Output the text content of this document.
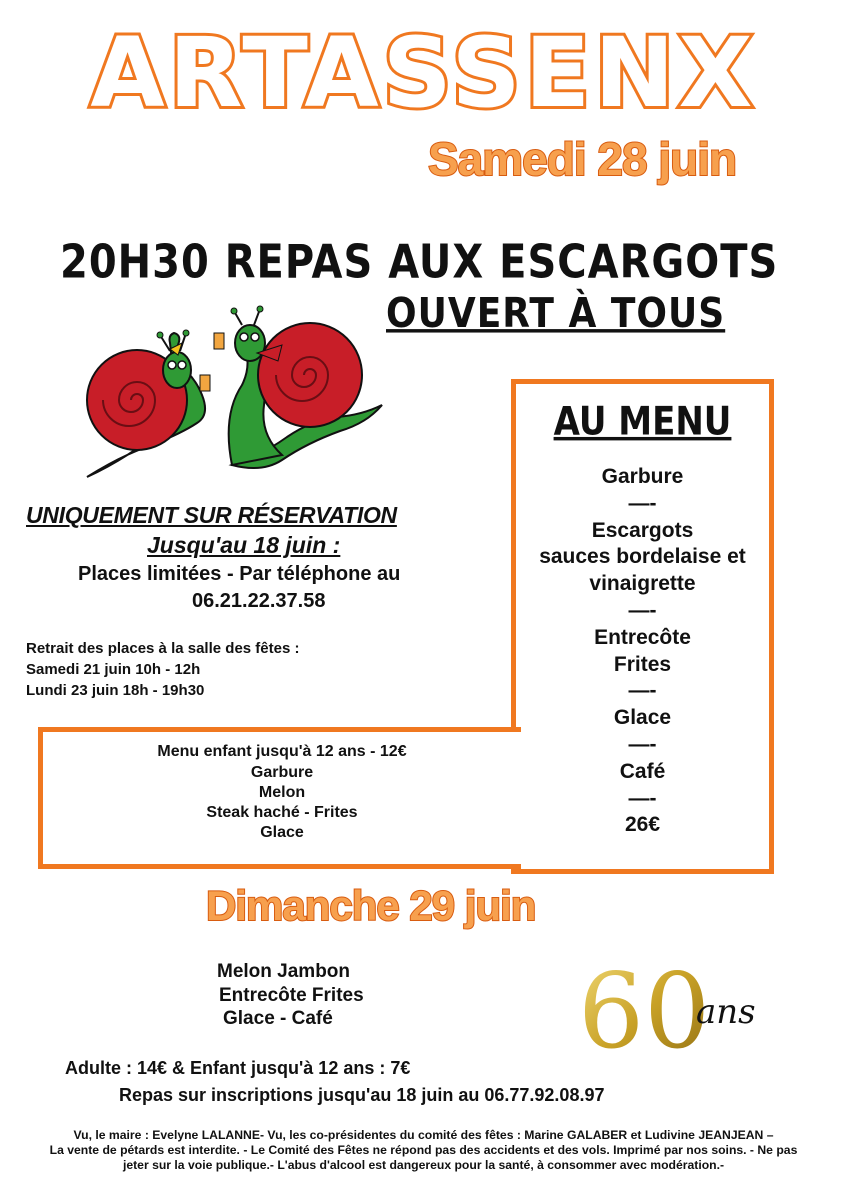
ARTASSENX
Samedi 28 juin
20H30 REPAS AUX ESCARGOTS
OUVERT À TOUS
AU MENU
Garbure
—-
Escargots
sauces bordelaise et
vinaigrette
—-
Entrecôte
Frites
—-
Glace
—-
Café
—-
26€
UNIQUEMENT SUR RÉSERVATION
Jusqu'au 18 juin :
Places limitées - Par téléphone au
06.21.22.37.58
Retrait des places à la salle des fêtes :
Samedi 21 juin 10h - 12h
Lundi 23 juin 18h - 19h30
Menu enfant jusqu'à 12 ans - 12€
Garbure
Melon
Steak haché - Frites
Glace
Dimanche 29 juin
Melon Jambon
Entrecôte Frites
Glace - Café 60
ans
Adulte : 14€ & Enfant jusqu'à 12 ans : 7€
Repas sur inscriptions jusqu'au 18 juin au 06.77.92.08.97
Vu, le maire : Evelyne LALANNE- Vu, les co-présidentes du comité des fêtes : Marine GALABER et Ludivine JEANJEAN –
La vente de pétards est interdite. - Le Comité des Fêtes ne répond pas des accidents et des vols. Imprimé par nos soins. - Ne pas
jeter sur la voie publique.- L'abus d'alcool est dangereux pour la santé, à consommer avec modération.-
